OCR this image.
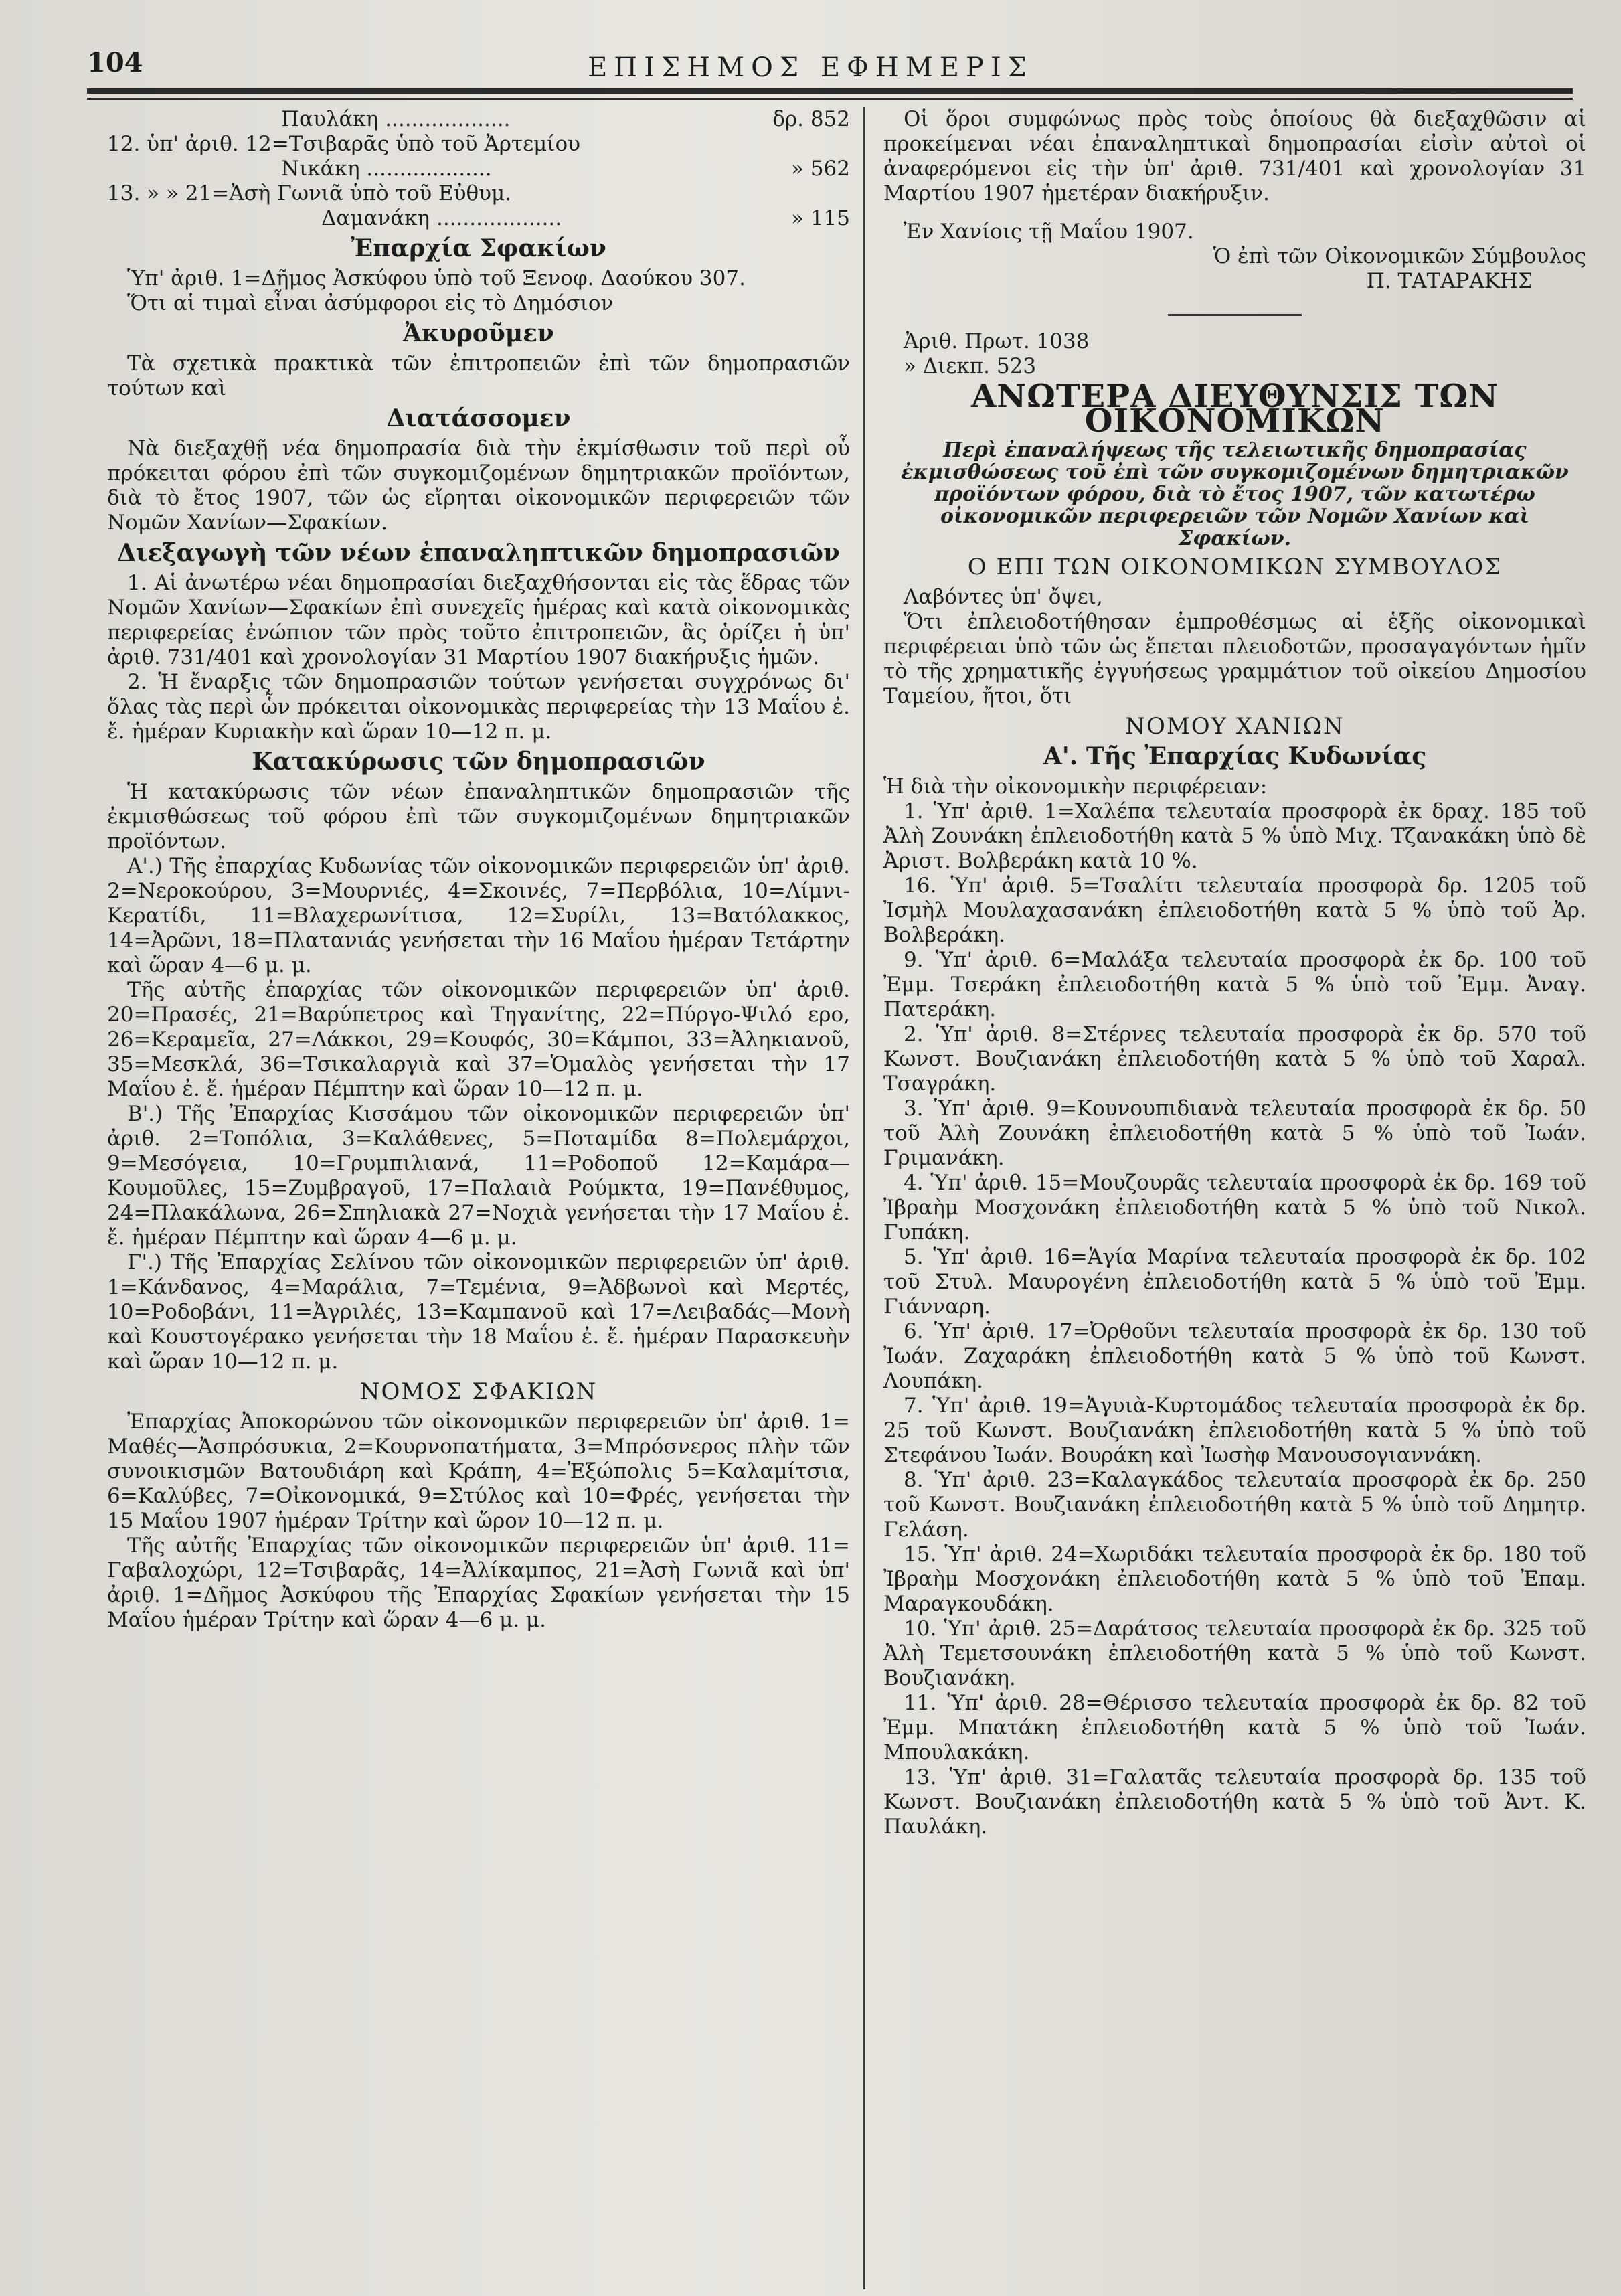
104	ΕΠΙΣΗΜΟΣ ΕΦΗΜΕΡΙΣ
Παυλάκη ...................	δρ. 852
12. ὑπ' ἀριθ. 12=Τσιβαρᾶς ὑπὸ τοῦ Ἀρτεμίου
Νικάκη ...................	» 562
13. » » 21=Ἀσὴ Γωνιᾶ ὑπὸ τοῦ Εὐθυμ.
Δαμανάκη ...................	» 115
Ἐπαρχία Σφακίων

Ὑπ' ἀριθ. 1=Δῆμος Ἀσκύφου ὑπὸ τοῦ Ξενοφ. Δαούκου 307.

Ὅτι αἱ τιμαὶ εἶναι ἀσύμφοροι εἰς τὸ Δημόσιον

Ἀκυροῦμεν

Τὰ σχετικὰ πρακτικὰ τῶν ἐπιτροπειῶν ἐπὶ τῶν δημοπρασιῶν τούτων καὶ

Διατάσσομεν

Νὰ διεξαχθῇ νέα δημοπρασία διὰ τὴν ἐκμίσθωσιν τοῦ περὶ οὗ πρόκειται φόρου ἐπὶ τῶν συγκομιζομένων δημητριακῶν προϊόντων, διὰ τὸ ἔτος 1907, τῶν ὡς εἴρηται οἰκονομικῶν περιφερειῶν τῶν Νομῶν Χανίων—Σφακίων.

Διεξαγωγὴ τῶν νέων ἐπαναληπτικῶν δημοπρασιῶν

1. Αἱ ἀνωτέρω νέαι δημοπρασίαι διεξαχθήσονται εἰς τὰς ἕδρας τῶν Νομῶν Χανίων—Σφακίων ἐπὶ συνεχεῖς ἡμέρας καὶ κατὰ οἰκονομικὰς περιφερείας ἐνώπιον τῶν πρὸς τοῦτο ἐπιτροπειῶν, ἃς ὁρίζει ἡ ὑπ' ἀριθ. 731/401 καὶ χρονολογίαν 31 Μαρτίου 1907 διακήρυξις ἡμῶν.

2. Ἡ ἔναρξις τῶν δημοπρασιῶν τούτων γενήσεται συγχρόνως δι' ὅλας τὰς περὶ ὧν πρόκειται οἰκονομικὰς περιφερείας τὴν 13 Μαΐου ἐ. ἔ. ἡμέραν Κυριακὴν καὶ ὥραν 10—12 π. μ.

Κατακύρωσις τῶν δημοπρασιῶν

Ἡ κατακύρωσις τῶν νέων ἐπαναληπτικῶν δημοπρασιῶν τῆς ἐκμισθώσεως τοῦ φόρου ἐπὶ τῶν συγκομιζομένων δημητριακῶν προϊόντων.

Α'.) Τῆς ἐπαρχίας Κυδωνίας τῶν οἰκονομικῶν περιφερειῶν ὑπ' ἀριθ. 2=Νεροκούρου, 3=Μουρνιές, 4=Σκοινές, 7=Περβόλια, 10=Λίμνι-Κερατίδι, 11=Βλαχερωνίτισα, 12=Συρίλι, 13=Βατόλακκος, 14=Ἀρῶνι, 18=Πλατανιάς γενήσεται τὴν 16 Μαΐου ἡμέραν Τετάρτην καὶ ὥραν 4—6 μ. μ.

Τῆς αὐτῆς ἐπαρχίας τῶν οἰκονομικῶν περιφερειῶν ὑπ' ἀριθ. 20=Πρασές, 21=Βαρύπετρος καὶ Τηγανίτης, 22=Πύργο-Ψιλό ερο, 26=Κεραμεῖα, 27=Λάκκοι, 29=Κουφός, 30=Κάμποι, 33=Ἀληκιανοῦ, 35=Μεσκλά, 36=Τσικαλαργιὰ καὶ 37=Ὁμαλὸς γενήσεται τὴν 17 Μαΐου ἐ. ἔ. ἡμέραν Πέμπτην καὶ ὥραν 10—12 π. μ.

Β'.) Τῆς Ἐπαρχίας Κισσάμου τῶν οἰκονομικῶν περιφερειῶν ὑπ' ἀριθ. 2=Τοπόλια, 3=Καλάθενες, 5=Ποταμίδα 8=Πολεμάρχοι, 9=Μεσόγεια, 10=Γρυμπιλιανά, 11=Ροδοποῦ 12=Καμάρα—Κουμοῦλες, 15=Ζυμβραγοῦ, 17=Παλαιὰ Ρούμκτα, 19=Πανέθυμος, 24=Πλακάλωνα, 26=Σπηλιακὰ 27=Νοχιὰ γενήσεται τὴν 17 Μαΐου ἐ. ἔ. ἡμέραν Πέμπτην καὶ ὥραν 4—6 μ. μ.

Γ'.) Τῆς Ἐπαρχίας Σελίνου τῶν οἰκονομικῶν περιφερειῶν ὑπ' ἀριθ. 1=Κάνδανος, 4=Μαράλια, 7=Τεμένια, 9=Ἀδβωνοὶ καὶ Μερτές, 10=Ροδοβάνι, 11=Ἀγριλές, 13=Καμπανοῦ καὶ 17=Λειβαδάς—Μονὴ καὶ Κουστογέρακο γενήσεται τὴν 18 Μαΐου ἐ. ἔ. ἡμέραν Παρασκευὴν καὶ ὥραν 10—12 π. μ.

ΝΟΜΟΣ ΣΦΑΚΙΩΝ

Ἐπαρχίας Ἀποκορώνου τῶν οἰκονομικῶν περιφερειῶν ὑπ' ἀριθ. 1= Μαθές—Ἀσπρόσυκια, 2=Κουρνοπατήματα, 3=Μπρόσνερος πλὴν τῶν συνοικισμῶν Βατουδιάρη καὶ Κράπη, 4=Ἐξώπολις 5=Καλαμίτσια, 6=Καλύβες, 7=Οἰκονομικά, 9=Στύλος καὶ 10=Φρές, γενήσεται τὴν 15 Μαΐου 1907 ἡμέραν Τρίτην καὶ ὥρον 10—12 π. μ.

Τῆς αὐτῆς Ἐπαρχίας τῶν οἰκονομικῶν περιφερειῶν ὑπ' ἀριθ. 11= Γαβαλοχώρι, 12=Τσιβαρᾶς, 14=Ἀλίκαμπος, 21=Ἀσὴ Γωνιᾶ καὶ ὑπ' ἀριθ. 1=Δῆμος Ἀσκύφου τῆς Ἐπαρχίας Σφακίων γενήσεται τὴν 15 Μαΐου ἡμέραν Τρίτην καὶ ὥραν 4—6 μ. μ.

Οἱ ὅροι συμφώνως πρὸς τοὺς ὁποίους θὰ διεξαχθῶσιν αἱ προκείμεναι νέαι ἐπαναληπτικαὶ δημοπρασίαι εἰσὶν αὐτοὶ οἱ ἀναφερόμενοι εἰς τὴν ὑπ' ἀριθ. 731/401 καὶ χρονολογίαν 31 Μαρτίου 1907 ἡμετέραν διακήρυξιν.

Ἐν Χανίοις τῇ Μαΐου 1907.

Ὁ ἐπὶ τῶν Οἰκονομικῶν Σύμβουλος

Π. ΤΑΤΑΡΑΚΗΣ

Ἀριθ. Πρωτ. 1038

» Διεκπ. 523

ΑΝΩΤΕΡΑ ΔΙΕΥΘΥΝΣΙΣ ΤΩΝ ΟΙΚΟΝΟΜΙΚΩΝ
Περὶ ἐπαναλήψεως τῆς τελειωτικῆς δημοπρασίας ἐκμισθώσεως τοῦ ἐπὶ τῶν συγκομιζομένων δημητριακῶν προϊόντων φόρου, διὰ τὸ ἔτος 1907, τῶν κατωτέρω οἰκονομικῶν περιφερειῶν τῶν Νομῶν Χανίων καὶ Σφακίων.
Ο ΕΠΙ ΤΩΝ ΟΙΚΟΝΟΜΙΚΩΝ ΣΥΜΒΟΥΛΟΣ

Λαβόντες ὑπ' ὄψει,

Ὅτι ἐπλειοδοτήθησαν ἐμπροθέσμως αἱ ἑξῆς οἰκονομικαὶ περιφέρειαι ὑπὸ τῶν ὡς ἔπεται πλειοδοτῶν, προσαγαγόντων ἡμῖν τὸ τῆς χρηματικῆς ἐγγυήσεως γραμμάτιον τοῦ οἰκείου Δημοσίου Ταμείου, ἤτοι, ὅτι

ΝΟΜΟΥ ΧΑΝΙΩΝ
Α'. Τῆς Ἐπαρχίας Κυδωνίας

Ἡ διὰ τὴν οἰκονομικὴν περιφέρειαν:

1. Ὑπ' ἀριθ. 1=Χαλέπα τελευταία προσφορὰ ἐκ δραχ. 185 τοῦ Ἀλὴ Ζουνάκη ἐπλειοδοτήθη κατὰ 5 % ὑπὸ Μιχ. Τζανακάκη ὑπὸ δὲ Ἀριστ. Βολβεράκη κατὰ 10 %.

16. Ὑπ' ἀριθ. 5=Τσαλίτι τελευταία προσφορὰ δρ. 1205 τοῦ Ἰσμὴλ Μουλαχασανάκη ἐπλειοδοτήθη κατὰ 5 % ὑπὸ τοῦ Ἀρ. Βολβεράκη.

9. Ὑπ' ἀριθ. 6=Μαλάξα τελευταία προσφορὰ ἐκ δρ. 100 τοῦ Ἐμμ. Τσεράκη ἐπλειοδοτήθη κατὰ 5 % ὑπὸ τοῦ Ἐμμ. Ἀναγ. Πατεράκη.

2. Ὑπ' ἀριθ. 8=Στέρνες τελευταία προσφορὰ ἐκ δρ. 570 τοῦ Κωνστ. Βουζιανάκη ἐπλειοδοτήθη κατὰ 5 % ὑπὸ τοῦ Χαραλ. Τσαγράκη.

3. Ὑπ' ἀριθ. 9=Κουνουπιδιανὰ τελευταία προσφορὰ ἐκ δρ. 50 τοῦ Ἀλὴ Ζουνάκη ἐπλειοδοτήθη κατὰ 5 % ὑπὸ τοῦ Ἰωάν. Γριμανάκη.

4. Ὑπ' ἀριθ. 15=Μουζουρᾶς τελευταία προσφορὰ ἐκ δρ. 169 τοῦ Ἰβραὴμ Μοσχονάκη ἐπλειοδοτήθη κατὰ 5 % ὑπὸ τοῦ Νικολ. Γυπάκη.

5. Ὑπ' ἀριθ. 16=Ἁγία Μαρίνα τελευταία προσφορὰ ἐκ δρ. 102 τοῦ Στυλ. Μαυρογένη ἐπλειοδοτήθη κατὰ 5 % ὑπὸ τοῦ Ἐμμ. Γιάνναρη.

6. Ὑπ' ἀριθ. 17=Ὀρθοῦνι τελευταία προσφορὰ ἐκ δρ. 130 τοῦ Ἰωάν. Ζαχαράκη ἐπλειοδοτήθη κατὰ 5 % ὑπὸ τοῦ Κωνστ. Λουπάκη.

7. Ὑπ' ἀριθ. 19=Ἀγυιὰ-Κυρτομάδος τελευταία προσφορὰ ἐκ δρ. 25 τοῦ Κωνστ. Βουζιανάκη ἐπλειοδοτήθη κατὰ 5 % ὑπὸ τοῦ Στεφάνου Ἰωάν. Βουράκη καὶ Ἰωσὴφ Μανουσογιαννάκη.

8. Ὑπ' ἀριθ. 23=Καλαγκάδος τελευταία προσφορὰ ἐκ δρ. 250 τοῦ Κωνστ. Βουζιανάκη ἐπλειοδοτήθη κατὰ 5 % ὑπὸ τοῦ Δημητρ. Γελάση.

15. Ὑπ' ἀριθ. 24=Χωριδάκι τελευταία προσφορὰ ἐκ δρ. 180 τοῦ Ἰβραὴμ Μοσχονάκη ἐπλειοδοτήθη κατὰ 5 % ὑπὸ τοῦ Ἐπαμ. Μαραγκουδάκη.

10. Ὑπ' ἀριθ. 25=Δαράτσος τελευταία προσφορὰ ἐκ δρ. 325 τοῦ Ἀλὴ Τεμετσουνάκη ἐπλειοδοτήθη κατὰ 5 % ὑπὸ τοῦ Κωνστ. Βουζιανάκη.

11. Ὑπ' ἀριθ. 28=Θέρισσο τελευταία προσφορὰ ἐκ δρ. 82 τοῦ Ἐμμ. Μπατάκη ἐπλειοδοτήθη κατὰ 5 % ὑπὸ τοῦ Ἰωάν. Μπουλακάκη.

13. Ὑπ' ἀριθ. 31=Γαλατᾶς τελευταία προσφορὰ δρ. 135 τοῦ Κωνστ. Βουζιανάκη ἐπλειοδοτήθη κατὰ 5 % ὑπὸ τοῦ Ἀντ. Κ. Παυλάκη.
